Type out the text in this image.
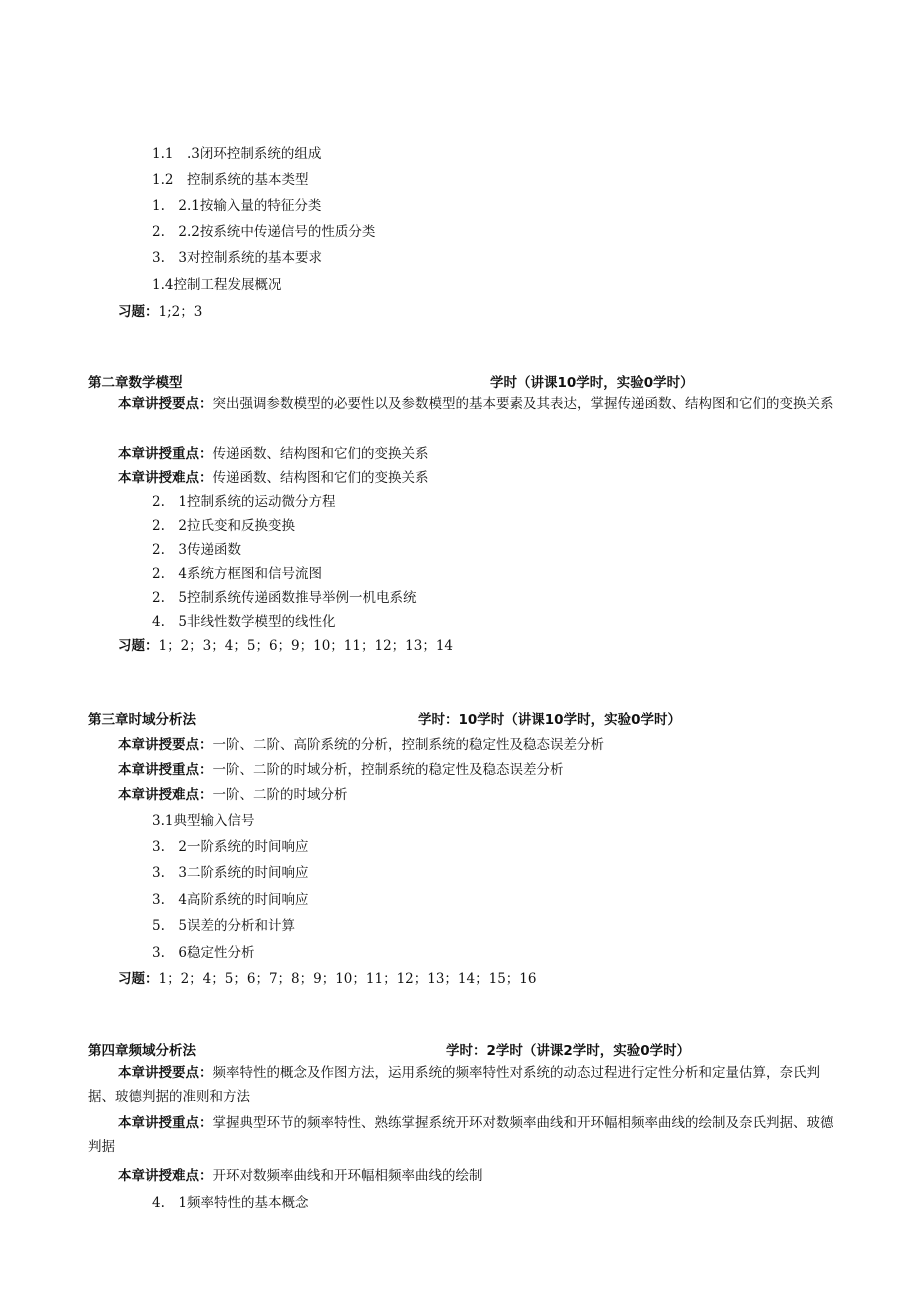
1.1　.3闭环控制系统的组成
1.2　控制系统的基本类型
1.　2.1按输入量的特征分类
2.　2.2按系统中传递信号的性质分类
3.　3对控制系统的基本要求
1.4控制工程发展概况
习题：1;2；3
第二章数学模型	学时（讲课10学时，实验0学时）
本章讲授要点：突出强调参数模型的必要性以及参数模型的基本要素及其表达，掌握传递函数、结构图和它们的变换关系
本章讲授重点：传递函数、结构图和它们的变换关系
本章讲授难点：传递函数、结构图和它们的变换关系
2.　1控制系统的运动微分方程
2.　2拉氏变和反换变换
2.　3传递函数
2.　4系统方框图和信号流图
2.　5控制系统传递函数推导举例一机电系统
4.　5非线性数学模型的线性化
习题：1；2；3；4；5；6；9；10；11；12；13；14
第三章时域分析法	学时：10学时（讲课10学时，实验0学时）
本章讲授要点：一阶、二阶、高阶系统的分析，控制系统的稳定性及稳态误差分析
本章讲授重点：一阶、二阶的时域分析，控制系统的稳定性及稳态误差分析
本章讲授难点：一阶、二阶的时域分析
3.1典型输入信号
3.　2一阶系统的时间响应
3.　3二阶系统的时间响应
3.　4高阶系统的时间响应
5.　5误差的分析和计算
3.　6稳定性分析
习题：1；2；4；5；6；7；8；9；10；11；12；13；14；15；16
第四章频域分析法	学时：2学时（讲课2学时，实验0学时）
本章讲授要点：频率特性的概念及作图方法，运用系统的频率特性对系统的动态过程进行定性分析和定量估算，奈氏判据、玻德判据的准则和方法
本章讲授重点：掌握典型环节的频率特性、熟练掌握系统开环对数频率曲线和开环幅相频率曲线的绘制及奈氏判据、玻德判据
本章讲授难点：开环对数频率曲线和开环幅相频率曲线的绘制
4.　1频率特性的基本概念
